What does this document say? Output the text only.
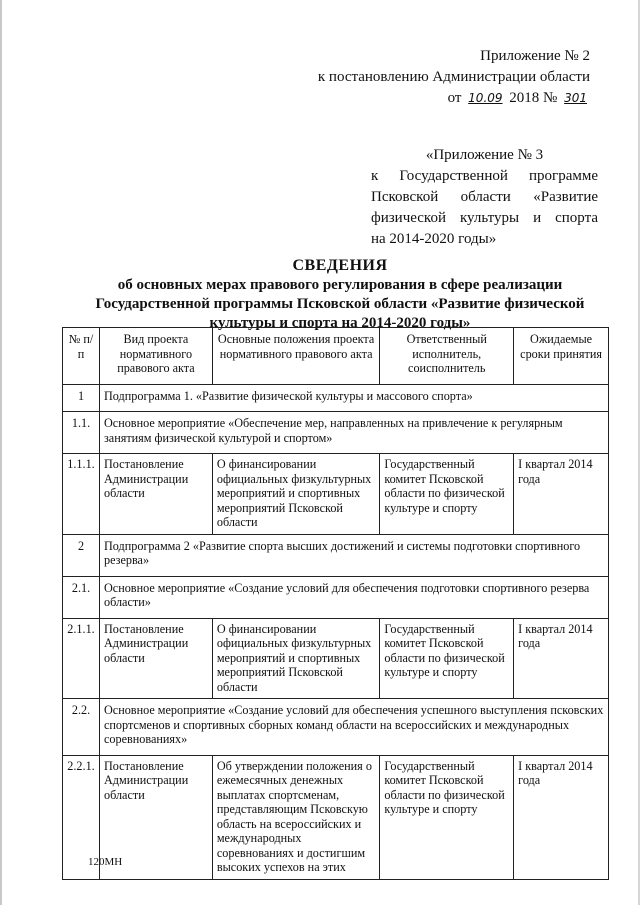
Приложение № 2
к постановлению Администрации области
от 10.09 2018 № 301
«Приложение № 3
к Государственной программе
Псковской области «Развитие
физической культуры и спорта
на 2014-2020 годы»
СВЕДЕНИЯ
об основных мерах правового регулирования в сфере реализации
Государственной программы Псковской области «Развитие физической
культуры и спорта на 2014-2020 годы»
№ п/п	Вид проекта нормативного правового акта	Основные положения проекта нормативного правового акта	Ответственный исполнитель, соисполнитель	Ожидаемые сроки принятия
1	Подпрограмма 1. «Развитие физической культуры и массового спорта»			
1.1.	Основное мероприятие «Обеспечение мер, направленных на привлечение к регулярным занятиям физической культурой и спортом»			
1.1.1.	Постановление Администрации области	О финансировании официальных физкультурных мероприятий и спортивных мероприятий Псковской области	Государственный комитет Псковской области по физической культуре и спорту	I квартал 2014 года
2	Подпрограмма 2 «Развитие спорта высших достижений и системы подготовки спортивного резерва»			
2.1.	Основное мероприятие «Создание условий для обеспечения подготовки спортивного резерва области»			
2.1.1.	Постановление Администрации области	О финансировании официальных физкультурных мероприятий и спортивных мероприятий Псковской области	Государственный комитет Псковской области по физической культуре и спорту	I квартал 2014 года
2.2.	Основное мероприятие «Создание условий для обеспечения успешного выступления псковских спортсменов и спортивных сборных команд области на всероссийских и международных соревнованиях»			
2.2.1.	Постановление Администрации области	Об утверждении положения о ежемесячных денежных выплатах спортсменам, представляющим Псковскую область на всероссийских и международных соревнованиях и достигшим высоких успехов на этих	Государственный комитет Псковской области по физической культуре и спорту	I квартал 2014 года
120МН
